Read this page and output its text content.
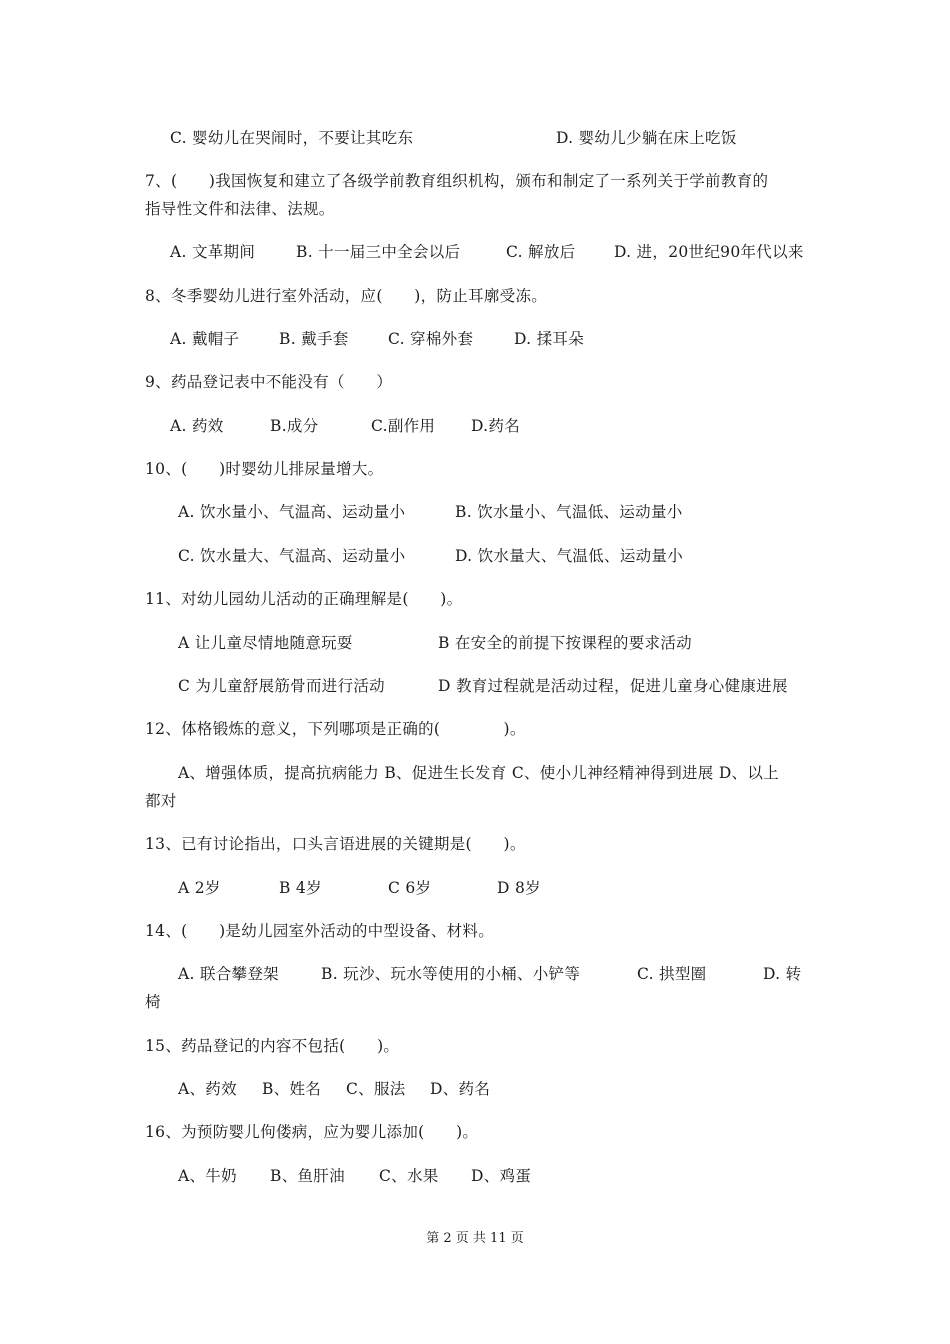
C. 婴幼儿在哭闹时，不要让其吃东	D. 婴幼儿少躺在床上吃饭
7、(　　)我国恢复和建立了各级学前教育组织机构，颁布和制定了一系列关于学前教育的
指导性文件和法律、法规。
A. 文革期间	B. 十一届三中全会以后	C. 解放后 D. 进，20世纪90年代以来
8、冬季婴幼儿进行室外活动，应(　　)，防止耳廓受冻。
A. 戴帽子	B. 戴手套	C. 穿棉外套	D. 揉耳朵
9、药品登记表中不能没有（　　）
A. 药效	B.成分	C.副作用 D.药名
10、(　　)时婴幼儿排尿量增大。
A. 饮水量小、气温高、运动量小	B. 饮水量小、气温低、运动量小
C. 饮水量大、气温高、运动量小	D. 饮水量大、气温低、运动量小
11、对幼儿园幼儿活动的正确理解是(　　)。
A 让儿童尽情地随意玩耍	B 在安全的前提下按课程的要求活动
C 为儿童舒展筋骨而进行活动	D 教育过程就是活动过程，促进儿童身心健康进展
12、体格锻炼的意义，下列哪项是正确的(　　　　)。
A、增强体质，提高抗病能力 B、促进生长发育 C、使小儿神经精神得到进展 D、以上
都对
13、已有讨论指出，口头言语进展的关键期是(　　)。
A 2岁	B 4岁	C 6岁	D 8岁
14、(　　)是幼儿园室外活动的中型设备、材料。
A. 联合攀登架	B. 玩沙、玩水等使用的小桶、小铲等	C. 拱型圈	D. 转
椅
15、药品登记的内容不包括(　　)。
A、药效 B、姓名 C、服法 D、药名
16、为预防婴儿佝偻病，应为婴儿添加(　　)。
A、牛奶 B、鱼肝油 C、水果 D、鸡蛋
第 2 页 共 11 页
